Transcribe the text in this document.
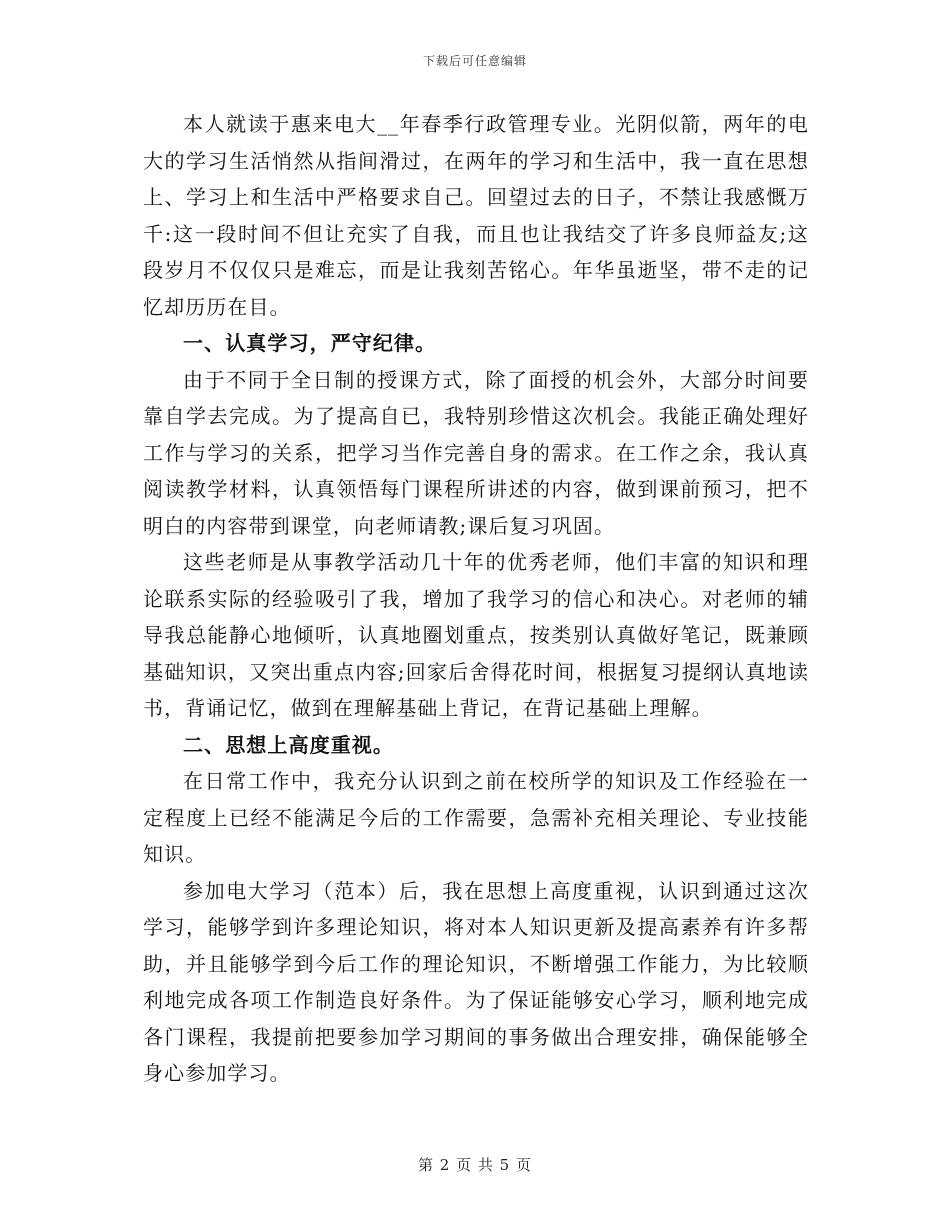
下载后可任意编辑

本人就读于惠来电大__年春季行政管理专业。光阴似箭，两年的电大的学习生活悄然从指间滑过，在两年的学习和生活中，我一直在思想上、学习上和生活中严格要求自己。回望过去的日子，不禁让我感慨万千:这一段时间不但让充实了自我，而且也让我结交了许多良师益友;这段岁月不仅仅只是难忘，而是让我刻苦铭心。年华虽逝坚，带不走的记忆却历历在目。

一、认真学习，严守纪律。

由于不同于全日制的授课方式，除了面授的机会外，大部分时间要靠自学去完成。为了提高自已，我特别珍惜这次机会。我能正确处理好工作与学习的关系，把学习当作完善自身的需求。在工作之余，我认真阅读教学材料，认真领悟每门课程所讲述的内容，做到课前预习，把不明白的内容带到课堂，向老师请教;课后复习巩固。

这些老师是从事教学活动几十年的优秀老师，他们丰富的知识和理论联系实际的经验吸引了我，增加了我学习的信心和决心。对老师的辅导我总能静心地倾听，认真地圈划重点，按类别认真做好笔记，既兼顾基础知识，又突出重点内容;回家后舍得花时间，根据复习提纲认真地读书，背诵记忆，做到在理解基础上背记，在背记基础上理解。

二、思想上高度重视。

在日常工作中，我充分认识到之前在校所学的知识及工作经验在一定程度上已经不能满足今后的工作需要，急需补充相关理论、专业技能知识。

参加电大学习（范本）后，我在思想上高度重视，认识到通过这次学习，能够学到许多理论知识，将对本人知识更新及提高素养有许多帮助，并且能够学到今后工作的理论知识，不断增强工作能力，为比较顺利地完成各项工作制造良好条件。为了保证能够安心学习，顺利地完成各门课程，我提前把要参加学习期间的事务做出合理安排，确保能够全身心参加学习。

第 2 页 共 5 页
